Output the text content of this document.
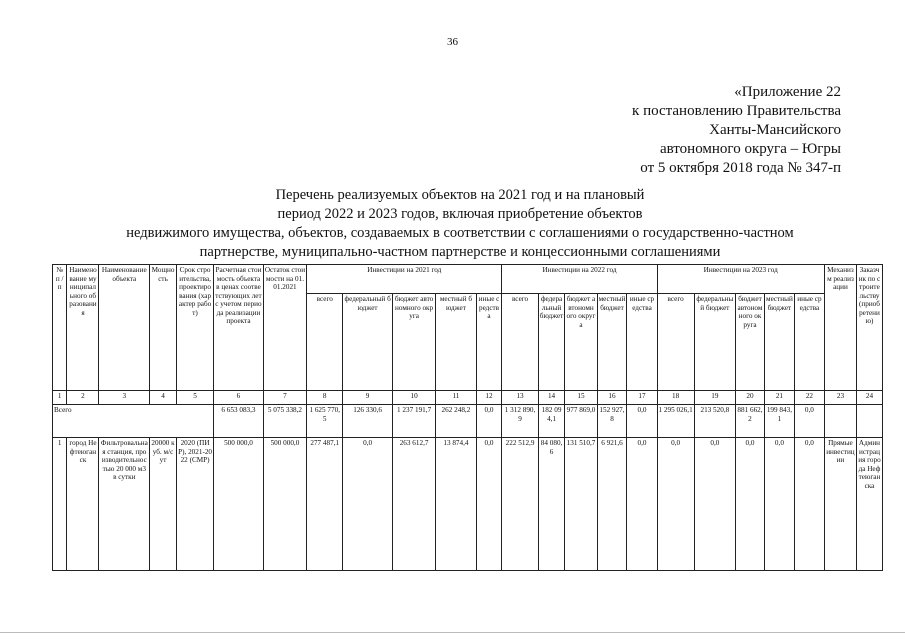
36
«Приложение 22
к постановлению Правительства
Ханты-Мансийского
автономного округа – Югры
от 5 октября 2018 года № 347-п
Перечень реализуемых объектов на 2021 год и на плановый
период 2022 и 2023 годов, включая приобретение объектов
недвижимого имущества, объектов, создаваемых в соответствии с соглашениями о государственно-частном
партнерстве, муниципально-частном партнерстве и концессионными соглашениями
№ п / п	Наименование муниципального образования	Наименование объекта	Мощность	Срок строительства, проектирования (характер работ)	Расчетная стоимость объекта в ценах соответствующих лет с учетом периода реализации проекта	Остаток стоимости на 01.01.2021	Инвестиции на 2021 год					Инвестиции на 2022 год					Инвестиции на 2023 год					Механизм реализации	Заказчик по строительству (приобретению)
							всего	федеральный бюджет	бюджет автономного округа	местный бюджет	иные средства	всего	федеральный бюджет	бюджет автономного округа	местный бюджет	иные средства	всего	федеральный бюджет	бюджет автономного округа	местный бюджет	иные средства		
1	2	3	4	5	6	7	8	9	10	11	12	13	14	15	16	17	18	19	20	21	22	23	24
Всего					6 653 083,3	5 075 338,2	1 625 770,5	126 330,6	1 237 191,7	262 248,2	0,0	1 312 890,9	182 094,1	977 869,0	152 927,8	0,0	1 295 026,1	213 520,8	881 662,2	199 843,1	0,0		
1	город Нефтеюганск	Фильтровальная станция, производительностью 20 000 м3 в сутки	20000 куб. м/сут	2020 (ПИР), 2021-2022 (СМР)	500 000,0	500 000,0	277 487,1	0,0	263 612,7	13 874,4	0,0	222 512,9	84 080,6	131 510,7	6 921,6	0,0	0,0	0,0	0,0	0,0	0,0	Прямые инвестиции	Администрация города Нефтеюганска
